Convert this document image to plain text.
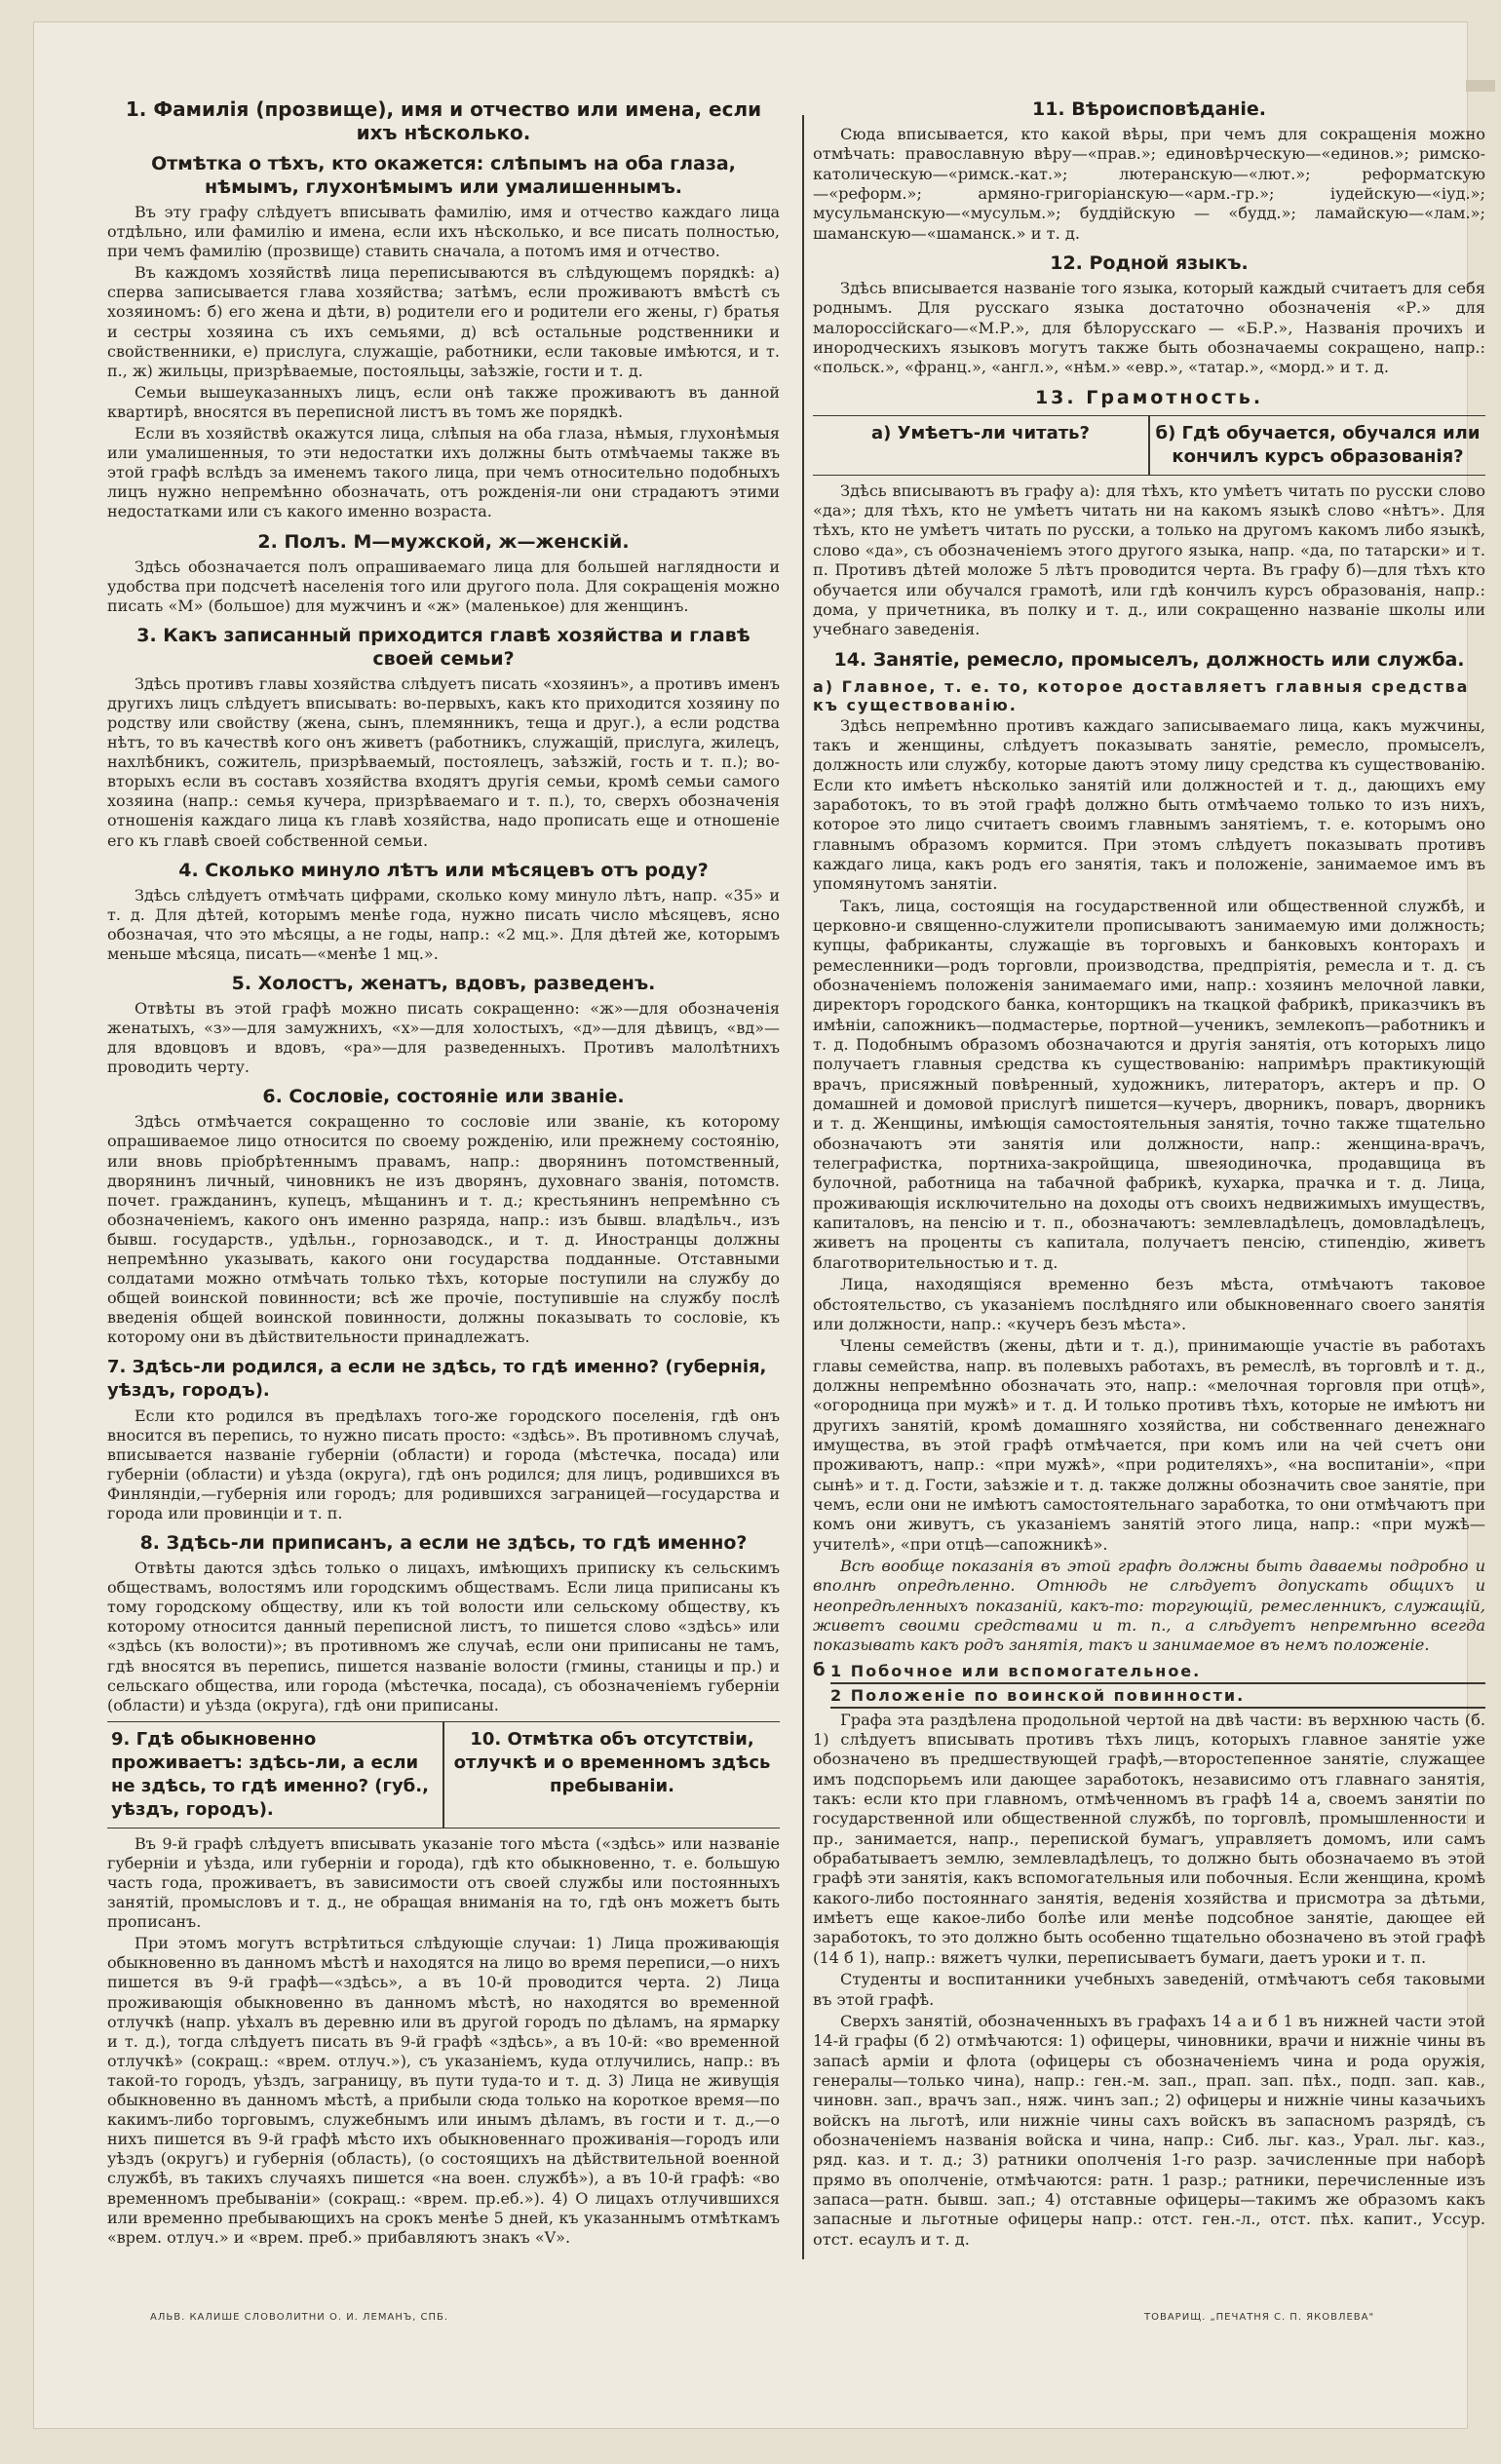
1. Фамилія (прозвище), имя и отчество или имена, если ихъ нѣсколько.
Отмѣтка о тѣхъ, кто окажется: слѣпымъ на оба глаза, нѣмымъ, глухонѣмымъ или умалишеннымъ.

Въ эту графу слѣдуетъ вписывать фамилію, имя и отчество каждаго лица отдѣльно, или фамилію и имена, если ихъ нѣсколько, и все писать полностью, при чемъ фамилію (прозвище) ставить сначала, а потомъ имя и отчество.

Въ каждомъ хозяйствѣ лица переписываются въ слѣдующемъ порядкѣ: а) сперва записывается глава хозяйства; затѣмъ, если проживаютъ вмѣстѣ съ хозяиномъ: б) его жена и дѣти, в) родители его и родители его жены, г) братья и сестры хозяина съ ихъ семьями, д) всѣ остальные родственники и свойственники, е) прислуга, служащіе, работники, если таковые имѣются, и т. п., ж) жильцы, призрѣваемые, постояльцы, заѣзжіе, гости и т. д.

Семьи вышеуказанныхъ лицъ, если онѣ также проживаютъ въ данной квартирѣ, вносятся въ переписной листъ въ томъ же порядкѣ.

Если въ хозяйствѣ окажутся лица, слѣпыя на оба глаза, нѣмыя, глухонѣмыя или умалишенныя, то эти недостатки ихъ должны быть отмѣчаемы также въ этой графѣ вслѣдъ за именемъ такого лица, при чемъ относительно подобныхъ лицъ нужно непремѣнно обозначать, отъ рожденія-ли они страдаютъ этими недостатками или съ какого именно возраста.

2. Полъ. М—мужской, ж—женскій.

Здѣсь обозначается полъ опрашиваемаго лица для большей наглядности и удобства при подсчетѣ населенія того или другого пола. Для сокращенія можно писать «М» (большое) для мужчинъ и «ж» (маленькое) для женщинъ.

3. Какъ записанный приходится главѣ хозяйства и главѣ своей семьи?

Здѣсь противъ главы хозяйства слѣдуетъ писать «хозяинъ», а противъ именъ другихъ лицъ слѣдуетъ вписывать: во-первыхъ, какъ кто приходится хозяину по родству или свойству (жена, сынъ, племянникъ, теща и друг.), а если родства нѣтъ, то въ качествѣ кого онъ живетъ (работникъ, служащій, прислуга, жилецъ, нахлѣбникъ, сожитель, призрѣваемый, постоялецъ, заѣзжій, гость и т. п.); во-вторыхъ если въ составъ хозяйства входятъ другія семьи, кромѣ семьи самого хозяина (напр.: семья кучера, призрѣваемаго и т. п.), то, сверхъ обозначенія отношенія каждаго лица къ главѣ хозяйства, надо прописать еще и отношеніе его къ главѣ своей собственной семьи.

4. Сколько минуло лѣтъ или мѣсяцевъ отъ роду?

Здѣсь слѣдуетъ отмѣчать цифрами, сколько кому минуло лѣтъ, напр. «35» и т. д. Для дѣтей, которымъ менѣе года, нужно писать число мѣсяцевъ, ясно обозначая, что это мѣсяцы, а не годы, напр.: «2 мц.». Для дѣтей же, которымъ меньше мѣсяца, писать—«менѣе 1 мц.».

5. Холостъ, женатъ, вдовъ, разведенъ.

Отвѣты въ этой графѣ можно писать сокращенно: «ж»—для обозначенія женатыхъ, «з»—для замужнихъ, «х»—для холостыхъ, «д»—для дѣвицъ, «вд»—для вдовцовъ и вдовъ, «ра»—для разведенныхъ. Противъ малолѣтнихъ проводить черту.

6. Сословіе, состояніе или званіе.

Здѣсь отмѣчается сокращенно то сословіе или званіе, къ которому опрашиваемое лицо относится по своему рожденію, или прежнему состоянію, или вновь пріобрѣтеннымъ правамъ, напр.: дворянинъ потомственный, дворянинъ личный, чиновникъ не изъ дворянъ, духовнаго званія, потомств. почет. гражданинъ, купецъ, мѣщанинъ и т. д.; крестьянинъ непремѣнно съ обозначеніемъ, какого онъ именно разряда, напр.: изъ бывш. владѣльч., изъ бывш. государств., удѣльн., горнозаводск., и т. д. Иностранцы должны непремѣнно указывать, какого они государства подданные. Отставными солдатами можно отмѣчать только тѣхъ, которые поступили на службу до общей воинской повинности; всѣ же прочіе, поступившіе на службу послѣ введенія общей воинской повинности, должны показывать то сословіе, къ которому они въ дѣйствительности принадлежатъ.

7. Здѣсь-ли родился, а если не здѣсь, то гдѣ именно? (губернія, уѣздъ, городъ).

Если кто родился въ предѣлахъ того-же городского поселенія, гдѣ онъ вносится въ перепись, то нужно писать просто: «здѣсь». Въ противномъ случаѣ, вписывается названіе губерніи (области) и города (мѣстечка, посада) или губерніи (области) и уѣзда (округа), гдѣ онъ родился; для лицъ, родившихся въ Финляндіи,—губернія или городъ; для родившихся заграницей—государства и города или провинціи и т. п.

8. Здѣсь-ли приписанъ, а если не здѣсь, то гдѣ именно?

Отвѣты даются здѣсь только о лицахъ, имѣющихъ приписку къ сельскимъ обществамъ, волостямъ или городскимъ обществамъ. Если лица приписаны къ тому городскому обществу, или къ той волости или сельскому обществу, къ которому относится данный переписной листъ, то пишется слово «здѣсь» или «здѣсь (къ волости)»; въ противномъ же случаѣ, если они приписаны не тамъ, гдѣ вносятся въ перепись, пишется названіе волости (гмины, станицы и пр.) и сельскаго общества, или города (мѣстечка, посада), съ обозначеніемъ губерніи (области) и уѣзда (округа), гдѣ они приписаны.

9. Гдѣ обыкновенно проживаетъ: здѣсь-ли, а если не здѣсь, то гдѣ именно? (губ., уѣздъ, городъ).
10. Отмѣтка объ отсутствіи, отлучкѣ и о временномъ здѣсь пребываніи.

Въ 9-й графѣ слѣдуетъ вписывать указаніе того мѣста («здѣсь» или названіе губерніи и уѣзда, или губерніи и города), гдѣ кто обыкновенно, т. е. большую часть года, проживаетъ, въ зависимости отъ своей службы или постоянныхъ занятій, промысловъ и т. д., не обращая вниманія на то, гдѣ онъ можетъ быть прописанъ.

При этомъ могутъ встрѣтиться слѣдующіе случаи: 1) Лица проживающія обыкновенно въ данномъ мѣстѣ и находятся на лицо во время переписи,—о нихъ пишется въ 9-й графѣ—«здѣсь», а въ 10-й проводится черта. 2) Лица проживающія обыкновенно въ данномъ мѣстѣ, но находятся во временной отлучкѣ (напр. уѣхалъ въ деревню или въ другой городъ по дѣламъ, на ярмарку и т. д.), тогда слѣдуетъ писать въ 9-й графѣ «здѣсь», а въ 10-й: «во временной отлучкѣ» (сокращ.: «врем. отлуч.»), съ указаніемъ, куда отлучились, напр.: въ такой-то городъ, уѣздъ, заграницу, въ пути туда-то и т. д. 3) Лица не живущія обыкновенно въ данномъ мѣстѣ, а прибыли сюда только на короткое время—по какимъ-либо торговымъ, служебнымъ или инымъ дѣламъ, въ гости и т. д.,—о нихъ пишется въ 9-й графѣ мѣсто ихъ обыкновеннаго проживанія—городъ или уѣздъ (округъ) и губернія (область), (о состоящихъ на дѣйствительной военной службѣ, въ такихъ случаяхъ пишется «на воен. службѣ»), а въ 10-й графѣ: «во временномъ пребываніи» (сокращ.: «врем. пр.еб.»). 4) О лицахъ отлучившихся или временно пребывающихъ на срокъ менѣе 5 дней, къ указаннымъ отмѣткамъ «врем. отлуч.» и «врем. преб.» прибавляютъ знакъ «V».

11. Вѣроисповѣданіе.

Сюда вписывается, кто какой вѣры, при чемъ для сокращенія можно отмѣчать: православную вѣру—«прав.»; единовѣрческую—«единов.»; римско-католическую—«римск.-кат.»; лютеранскую—«лют.»; реформатскую—«реформ.»; армяно-григоріанскую—«арм.-гр.»; іудейскую—«іуд.»; мусульманскую—«мусульм.»; буддійскую — «будд.»; ламайскую—«лам.»; шаманскую—«шаманск.» и т. д.

12. Родной языкъ.

Здѣсь вписывается названіе того языка, который каждый считаетъ для себя роднымъ. Для русскаго языка достаточно обозначенія «Р.» для малороссійскаго—«М.Р.», для бѣлорусскаго — «Б.Р.», Названія прочихъ и инородческихъ языковъ могутъ также быть обозначаемы сокращено, напр.: «польск.», «франц.», «англ.», «нѣм.» «евр.», «татар.», «морд.» и т. д.

13. Грамотность.
а) Умѣетъ-ли читать?	б) Гдѣ обучается, обучался или кончилъ курсъ образованія?

Здѣсь вписываютъ въ графу а): для тѣхъ, кто умѣетъ читать по русски слово «да»; для тѣхъ, кто не умѣетъ читать ни на какомъ языкѣ слово «нѣтъ». Для тѣхъ, кто не умѣетъ читать по русски, а только на другомъ какомъ либо языкѣ, слово «да», съ обозначеніемъ этого другого языка, напр. «да, по татарски» и т. п. Противъ дѣтей моложе 5 лѣтъ проводится черта. Въ графу б)—для тѣхъ кто обучается или обучался грамотѣ, или гдѣ кончилъ курсъ образованія, напр.: дома, у причетника, въ полку и т. д., или сокращенно названіе школы или учебнаго заведенія.

14. Занятіе, ремесло, промыселъ, должность или служба.
а) Главное, т. е. то, которое доставляетъ главныя средства къ существованію.

Здѣсь непремѣнно противъ каждаго записываемаго лица, какъ мужчины, такъ и женщины, слѣдуетъ показывать занятіе, ремесло, промыселъ, должность или службу, которые даютъ этому лицу средства къ существованію. Если кто имѣетъ нѣсколько занятій или должностей и т. д., дающихъ ему заработокъ, то въ этой графѣ должно быть отмѣчаемо только то изъ нихъ, которое это лицо считаетъ своимъ главнымъ занятіемъ, т. е. которымъ оно главнымъ образомъ кормится. При этомъ слѣдуетъ показывать противъ каждаго лица, какъ родъ его занятія, такъ и положеніе, занимаемое имъ въ упомянутомъ занятіи.

Такъ, лица, состоящія на государственной или общественной службѣ, и церковно-и священно-служители прописываютъ занимаемую ими должность; купцы, фабриканты, служащіе въ торговыхъ и банковыхъ конторахъ и ремесленники—родъ торговли, производства, предпріятія, ремесла и т. д. съ обозначеніемъ положенія занимаемаго ими, напр.: хозяинъ мелочной лавки, директоръ городского банка, конторщикъ на ткацкой фабрикѣ, приказчикъ въ имѣніи, сапожникъ—подмастерье, портной—ученикъ, землекопъ—работникъ и т. д. Подобнымъ образомъ обозначаются и другія занятія, отъ которыхъ лицо получаетъ главныя средства къ существованію: напримѣръ практикующій врачъ, присяжный повѣренный, художникъ, литераторъ, актеръ и пр. О домашней и домовой прислугѣ пишется—кучеръ, дворникъ, поваръ, дворникъ и т. д. Женщины, имѣющія самостоятельныя занятія, точно также тщательно обозначаютъ эти занятія или должности, напр.: женщина-врачъ, телеграфистка, портниха-закройщица, швеяодиночка, продавщица въ булочной, работница на табачной фабрикѣ, кухарка, прачка и т. д. Лица, проживающія исключительно на доходы отъ своихъ недвижимыхъ имуществъ, капиталовъ, на пенсію и т. п., обозначаютъ: землевладѣлецъ, домовладѣлецъ, живетъ на проценты съ капитала, получаетъ пенсію, стипендію, живетъ благотворительностью и т. д.

Лица, находящіяся временно безъ мѣста, отмѣчаютъ таковое обстоятельство, съ указаніемъ послѣдняго или обыкновеннаго своего занятія или должности, напр.: «кучеръ безъ мѣста».

Члены семействъ (жены, дѣти и т. д.), принимающіе участіе въ работахъ главы семейства, напр. въ полевыхъ работахъ, въ ремеслѣ, въ торговлѣ и т. д., должны непремѣнно обозначать это, напр.: «мелочная торговля при отцѣ», «огородница при мужѣ» и т. д. И только противъ тѣхъ, которые не имѣютъ ни другихъ занятій, кромѣ домашняго хозяйства, ни собственнаго денежнаго имущества, въ этой графѣ отмѣчается, при комъ или на чей счетъ они проживаютъ, напр.: «при мужѣ», «при родителяхъ», «на воспитаніи», «при сынѣ» и т. д. Гости, заѣзжіе и т. д. также должны обозначить свое занятіе, при чемъ, если они не имѣютъ самостоятельнаго заработка, то они отмѣчаютъ при комъ они живутъ, съ указаніемъ занятій этого лица, напр.: «при мужѣ—учителѣ», «при отцѣ—сапожникѣ».

Всѣ вообще показанія въ этой графѣ должны быть даваемы подробно и вполнѣ опредѣленно. Отнюдь не слѣдуетъ допускать общихъ и неопредѣленныхъ показаній, какъ-то: торгующій, ремесленникъ, служащій, живетъ своими средствами и т. п., а слѣдуетъ непремѣнно всегда показывать какъ родъ занятія, такъ и занимаемое въ немъ положеніе.

б 1 Побочное или вспомогательное.
2 Положеніе по воинской повинности.

Графа эта раздѣлена продольной чертой на двѣ части: въ верхнюю часть (б. 1) слѣдуетъ вписывать противъ тѣхъ лицъ, которыхъ главное занятіе уже обозначено въ предшествующей графѣ,—второстепенное занятіе, служащее имъ подспорьемъ или дающее заработокъ, независимо отъ главнаго занятія, такъ: если кто при главномъ, отмѣченномъ въ графѣ 14 а, своемъ занятіи по государственной или общественной службѣ, по торговлѣ, промышленности и пр., занимается, напр., перепиской бумагъ, управляетъ домомъ, или самъ обрабатываетъ землю, землевладѣлецъ, то должно быть обозначаемо въ этой графѣ эти занятія, какъ вспомогательныя или побочныя. Если женщина, кромѣ какого-либо постояннаго занятія, веденія хозяйства и присмотра за дѣтьми, имѣетъ еще какое-либо болѣе или менѣе подсобное занятіе, дающее ей заработокъ, то это должно быть особенно тщательно обозначено въ этой графѣ (14 б 1), напр.: вяжетъ чулки, переписываетъ бумаги, даетъ уроки и т. п.

Студенты и воспитанники учебныхъ заведеній, отмѣчаютъ себя таковыми въ этой графѣ.

Сверхъ занятій, обозначенныхъ въ графахъ 14 а и б 1 въ нижней части этой 14-й графы (б 2) отмѣчаются: 1) офицеры, чиновники, врачи и нижніе чины въ запасѣ арміи и флота (офицеры съ обозначеніемъ чина и рода оружія, генералы—только чина), напр.: ген.-м. зап., прап. зап. пѣх., подп. зап. кав., чиновн. зап., врачъ зап., няж. чинъ зап.; 2) офицеры и нижніе чины казачьихъ войскъ на льготѣ, или нижніе чины сахъ войскъ въ запасномъ разрядѣ, съ обозначеніемъ названія войска и чина, напр.: Сиб. льг. каз., Урал. льг. каз., ряд. каз. и т. д.; 3) ратники ополченія 1-го разр. зачисленные при наборѣ прямо въ ополченіе, отмѣчаются: ратн. 1 разр.; ратники, перечисленные изъ запаса—ратн. бывш. зап.; 4) отставные офицеры—такимъ же образомъ какъ запасные и льготные офицеры напр.: отст. ген.-л., отст. пѣх. капит., Уссур. отст. есаулъ и т. д.

АЛЬВ. КАЛИШЕ СЛОВОЛИТНИ О. И. ЛЕМАНЪ, СПБ.	ТОВАРИЩ. „ПЕЧАТНЯ С. П. ЯКОВЛЕВА"
